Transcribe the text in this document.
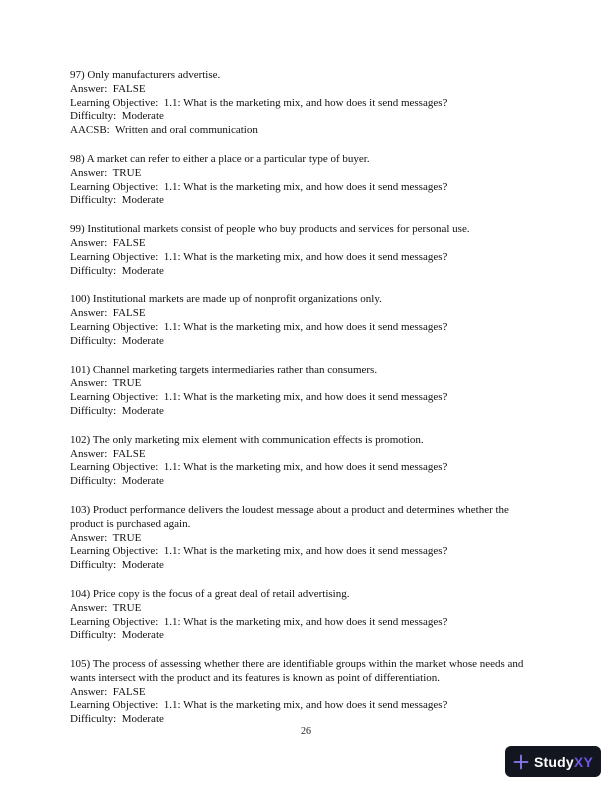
97) Only manufacturers advertise.

Answer:  FALSE

Learning Objective:  1.1: What is the marketing mix, and how does it send messages?

Difficulty:  Moderate

AACSB:  Written and oral communication

98) A market can refer to either a place or a particular type of buyer.

Answer:  TRUE

Learning Objective:  1.1: What is the marketing mix, and how does it send messages?

Difficulty:  Moderate

99) Institutional markets consist of people who buy products and services for personal use.

Answer:  FALSE

Learning Objective:  1.1: What is the marketing mix, and how does it send messages?

Difficulty:  Moderate

100) Institutional markets are made up of nonprofit organizations only.

Answer:  FALSE

Learning Objective:  1.1: What is the marketing mix, and how does it send messages?

Difficulty:  Moderate

101) Channel marketing targets intermediaries rather than consumers.

Answer:  TRUE

Learning Objective:  1.1: What is the marketing mix, and how does it send messages?

Difficulty:  Moderate

102) The only marketing mix element with communication effects is promotion.

Answer:  FALSE

Learning Objective:  1.1: What is the marketing mix, and how does it send messages?

Difficulty:  Moderate

103) Product performance delivers the loudest message about a product and determines whether the product is purchased again.

Answer:  TRUE

Learning Objective:  1.1: What is the marketing mix, and how does it send messages?

Difficulty:  Moderate

104) Price copy is the focus of a great deal of retail advertising.

Answer:  TRUE

Learning Objective:  1.1: What is the marketing mix, and how does it send messages?

Difficulty:  Moderate

105) The process of assessing whether there are identifiable groups within the market whose needs and wants intersect with the product and its features is known as point of differentiation.

Answer:  FALSE

Learning Objective:  1.1: What is the marketing mix, and how does it send messages?

Difficulty:  Moderate

26
Study XY
